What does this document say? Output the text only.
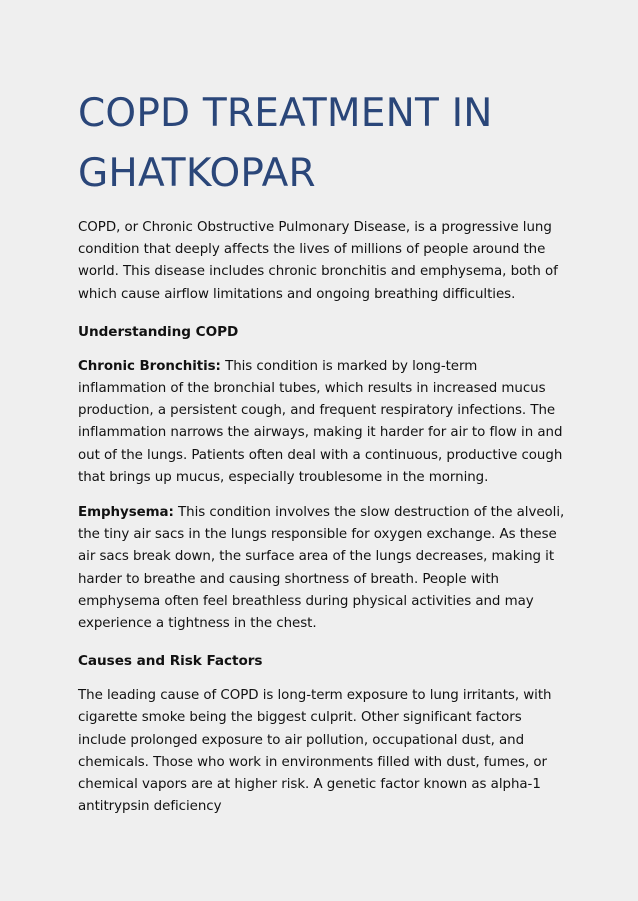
COPD TREATMENT IN GHATKOPAR

COPD, or Chronic Obstructive Pulmonary Disease, is a progressive lung condition that deeply affects the lives of millions of people around the world. This disease includes chronic bronchitis and emphysema, both of which cause airflow limitations and ongoing breathing difficulties.

Understanding COPD

Chronic Bronchitis: This condition is marked by long-term inflammation of the bronchial tubes, which results in increased mucus production, a persistent cough, and frequent respiratory infections. The inflammation narrows the airways, making it harder for air to flow in and out of the lungs. Patients often deal with a continuous, productive cough that brings up mucus, especially troublesome in the morning.

Emphysema: This condition involves the slow destruction of the alveoli, the tiny air sacs in the lungs responsible for oxygen exchange. As these air sacs break down, the surface area of the lungs decreases, making it harder to breathe and causing shortness of breath. People with emphysema often feel breathless during physical activities and may experience a tightness in the chest.

Causes and Risk Factors

The leading cause of COPD is long-term exposure to lung irritants, with cigarette smoke being the biggest culprit. Other significant factors include prolonged exposure to air pollution, occupational dust, and chemicals. Those who work in environments filled with dust, fumes, or chemical vapors are at higher risk. A genetic factor known as alpha-1 antitrypsin deficiency
